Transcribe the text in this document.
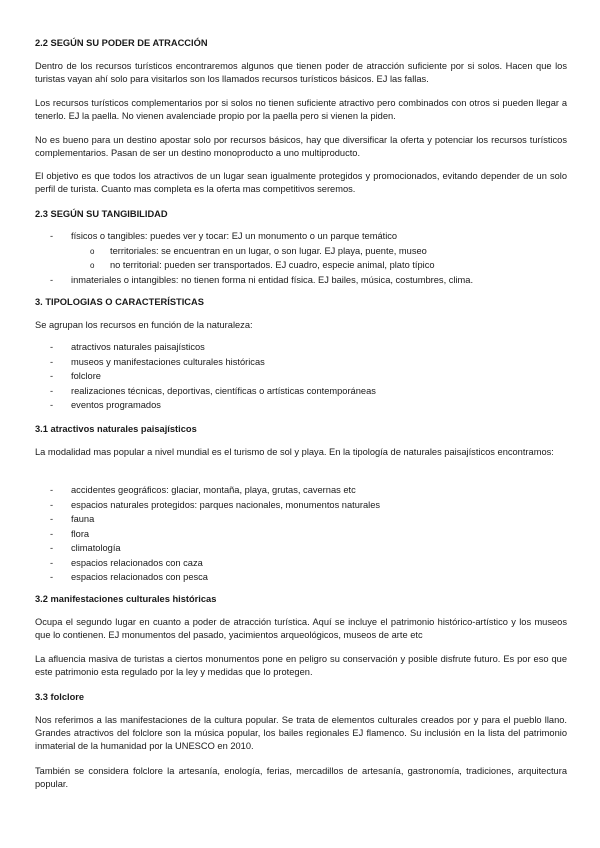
2.2 SEGÚN SU PODER DE ATRACCIÓN
Dentro de los recursos turísticos encontraremos algunos que tienen poder de atracción suficiente por si solos. Hacen que los turistas vayan ahí solo para visitarlos son los llamados recursos turísticos básicos. EJ las fallas.
Los recursos turísticos complementarios por si solos no tienen suficiente atractivo pero combinados con otros si pueden llegar a tenerlo. EJ la paella. No vienen avalenciade propio por la paella pero si vienen la piden.
No es bueno para un destino apostar solo por recursos básicos, hay que diversificar la oferta y potenciar los recursos turísticos complementarios. Pasan de ser un destino monoproducto a uno multiproducto.
El objetivo es que todos los atractivos de un lugar sean igualmente protegidos y promocionados, evitando depender de un solo perfil de turista. Cuanto mas completa es la oferta mas competitivos seremos.
2.3 SEGÚN SU TANGIBILIDAD
- físicos o tangibles: puedes ver y tocar: EJ un monumento o un parque temático
o territoriales: se encuentran en un lugar, o son lugar. EJ playa, puente, museo
o no territorial: pueden ser transportados. EJ cuadro, especie animal, plato típico
- inmateriales o intangibles: no tienen forma ni entidad física. EJ bailes, música, costumbres, clima.
3. TIPOLOGIAS O CARACTERÍSTICAS
Se agrupan los recursos en función de la naturaleza:
- atractivos naturales paisajísticos
- museos y manifestaciones culturales históricas
- folclore
- realizaciones técnicas, deportivas, científicas o artísticas contemporáneas
- eventos programados
3.1 atractivos naturales paisajísticos
La modalidad mas popular a nivel mundial es el turismo de sol y playa. En la tipología de naturales paisajísticos encontramos:
- accidentes geográficos: glaciar, montaña, playa, grutas, cavernas etc
- espacios naturales protegidos: parques nacionales, monumentos naturales
- fauna
- flora
- climatología
- espacios relacionados con caza
- espacios relacionados con pesca
3.2 manifestaciones culturales históricas
Ocupa el segundo lugar en cuanto a poder de atracción turística. Aquí se incluye el patrimonio histórico-artístico y los museos que lo contienen. EJ monumentos del pasado, yacimientos arqueológicos, museos de arte etc
La afluencia masiva de turistas a ciertos monumentos pone en peligro su conservación y posible disfrute futuro. Es por eso que este patrimonio esta regulado por la ley y medidas que lo protegen.
3.3 folclore
Nos referimos a las manifestaciones de la cultura popular. Se trata de elementos culturales creados por y para el pueblo llano. Grandes atractivos del folclore son la música popular, los bailes regionales EJ flamenco. Su inclusión en la lista del patrimonio inmaterial de la humanidad por la UNESCO en 2010.
También se considera folclore la artesanía, enología, ferias, mercadillos de artesanía, gastronomía, tradiciones, arquitectura popular.
